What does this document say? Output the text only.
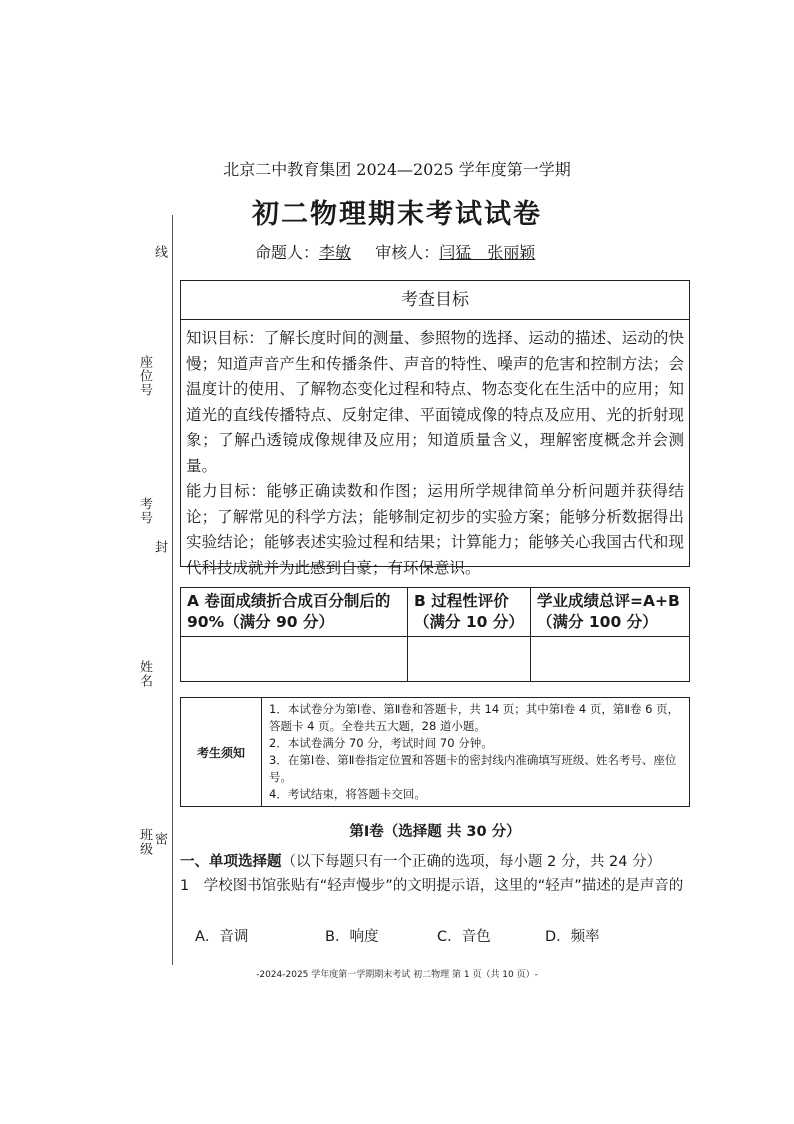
线
座位号
考号
封
姓名
班级 密
北京二中教育集团 2024—2025 学年度第一学期
初二物理期末考试试卷
命题人：李敏 审核人：闫猛　张丽颖
考查目标
知识目标：了解长度时间的测量、参照物的选择、运动的描述、运动的快慢；知道声音产生和传播条件、声音的特性、噪声的危害和控制方法；会温度计的使用、了解物态变化过程和特点、物态变化在生活中的应用；知道光的直线传播特点、反射定律、平面镜成像的特点及应用、光的折射现象；了解凸透镜成像规律及应用；知道质量含义，理解密度概念并会测量。
能力目标：能够正确读数和作图；运用所学规律简单分析问题并获得结论；了解常见的科学方法；能够制定初步的实验方案；能够分析数据得出实验结论；能够表述实验过程和结果；计算能力；能够关心我国古代和现代科技成就并为此感到自豪；有环保意识。
A 卷面成绩折合成百分制后的 90%（满分 90 分）	B 过程性评价（满分 10 分）	学业成绩总评=A+B（满分 100 分）

考生须知
1．本试卷分为第Ⅰ卷、第Ⅱ卷和答题卡，共 14 页；其中第Ⅰ卷 4 页，第Ⅱ卷 6 页，答题卡 4 页。全卷共五大题，28 道小题。
2．本试卷满分 70 分，考试时间 70 分钟。
3．在第Ⅰ卷、第Ⅱ卷指定位置和答题卡的密封线内准确填写班级、姓名考号、座位号。
4．考试结束，将答题卡交回。
第Ⅰ卷（选择题 共 30 分）
一、单项选择题（以下每题只有一个正确的选项，每小题 2 分，共 24 分）
1　学校图书馆张贴有“轻声慢步”的文明提示语，这里的“轻声”描述的是声音的
A．音调	B．响度	C．音色	D．频率
-2024-2025 学年度第一学期期末考试 初二物理 第 1 页（共 10 页）-
